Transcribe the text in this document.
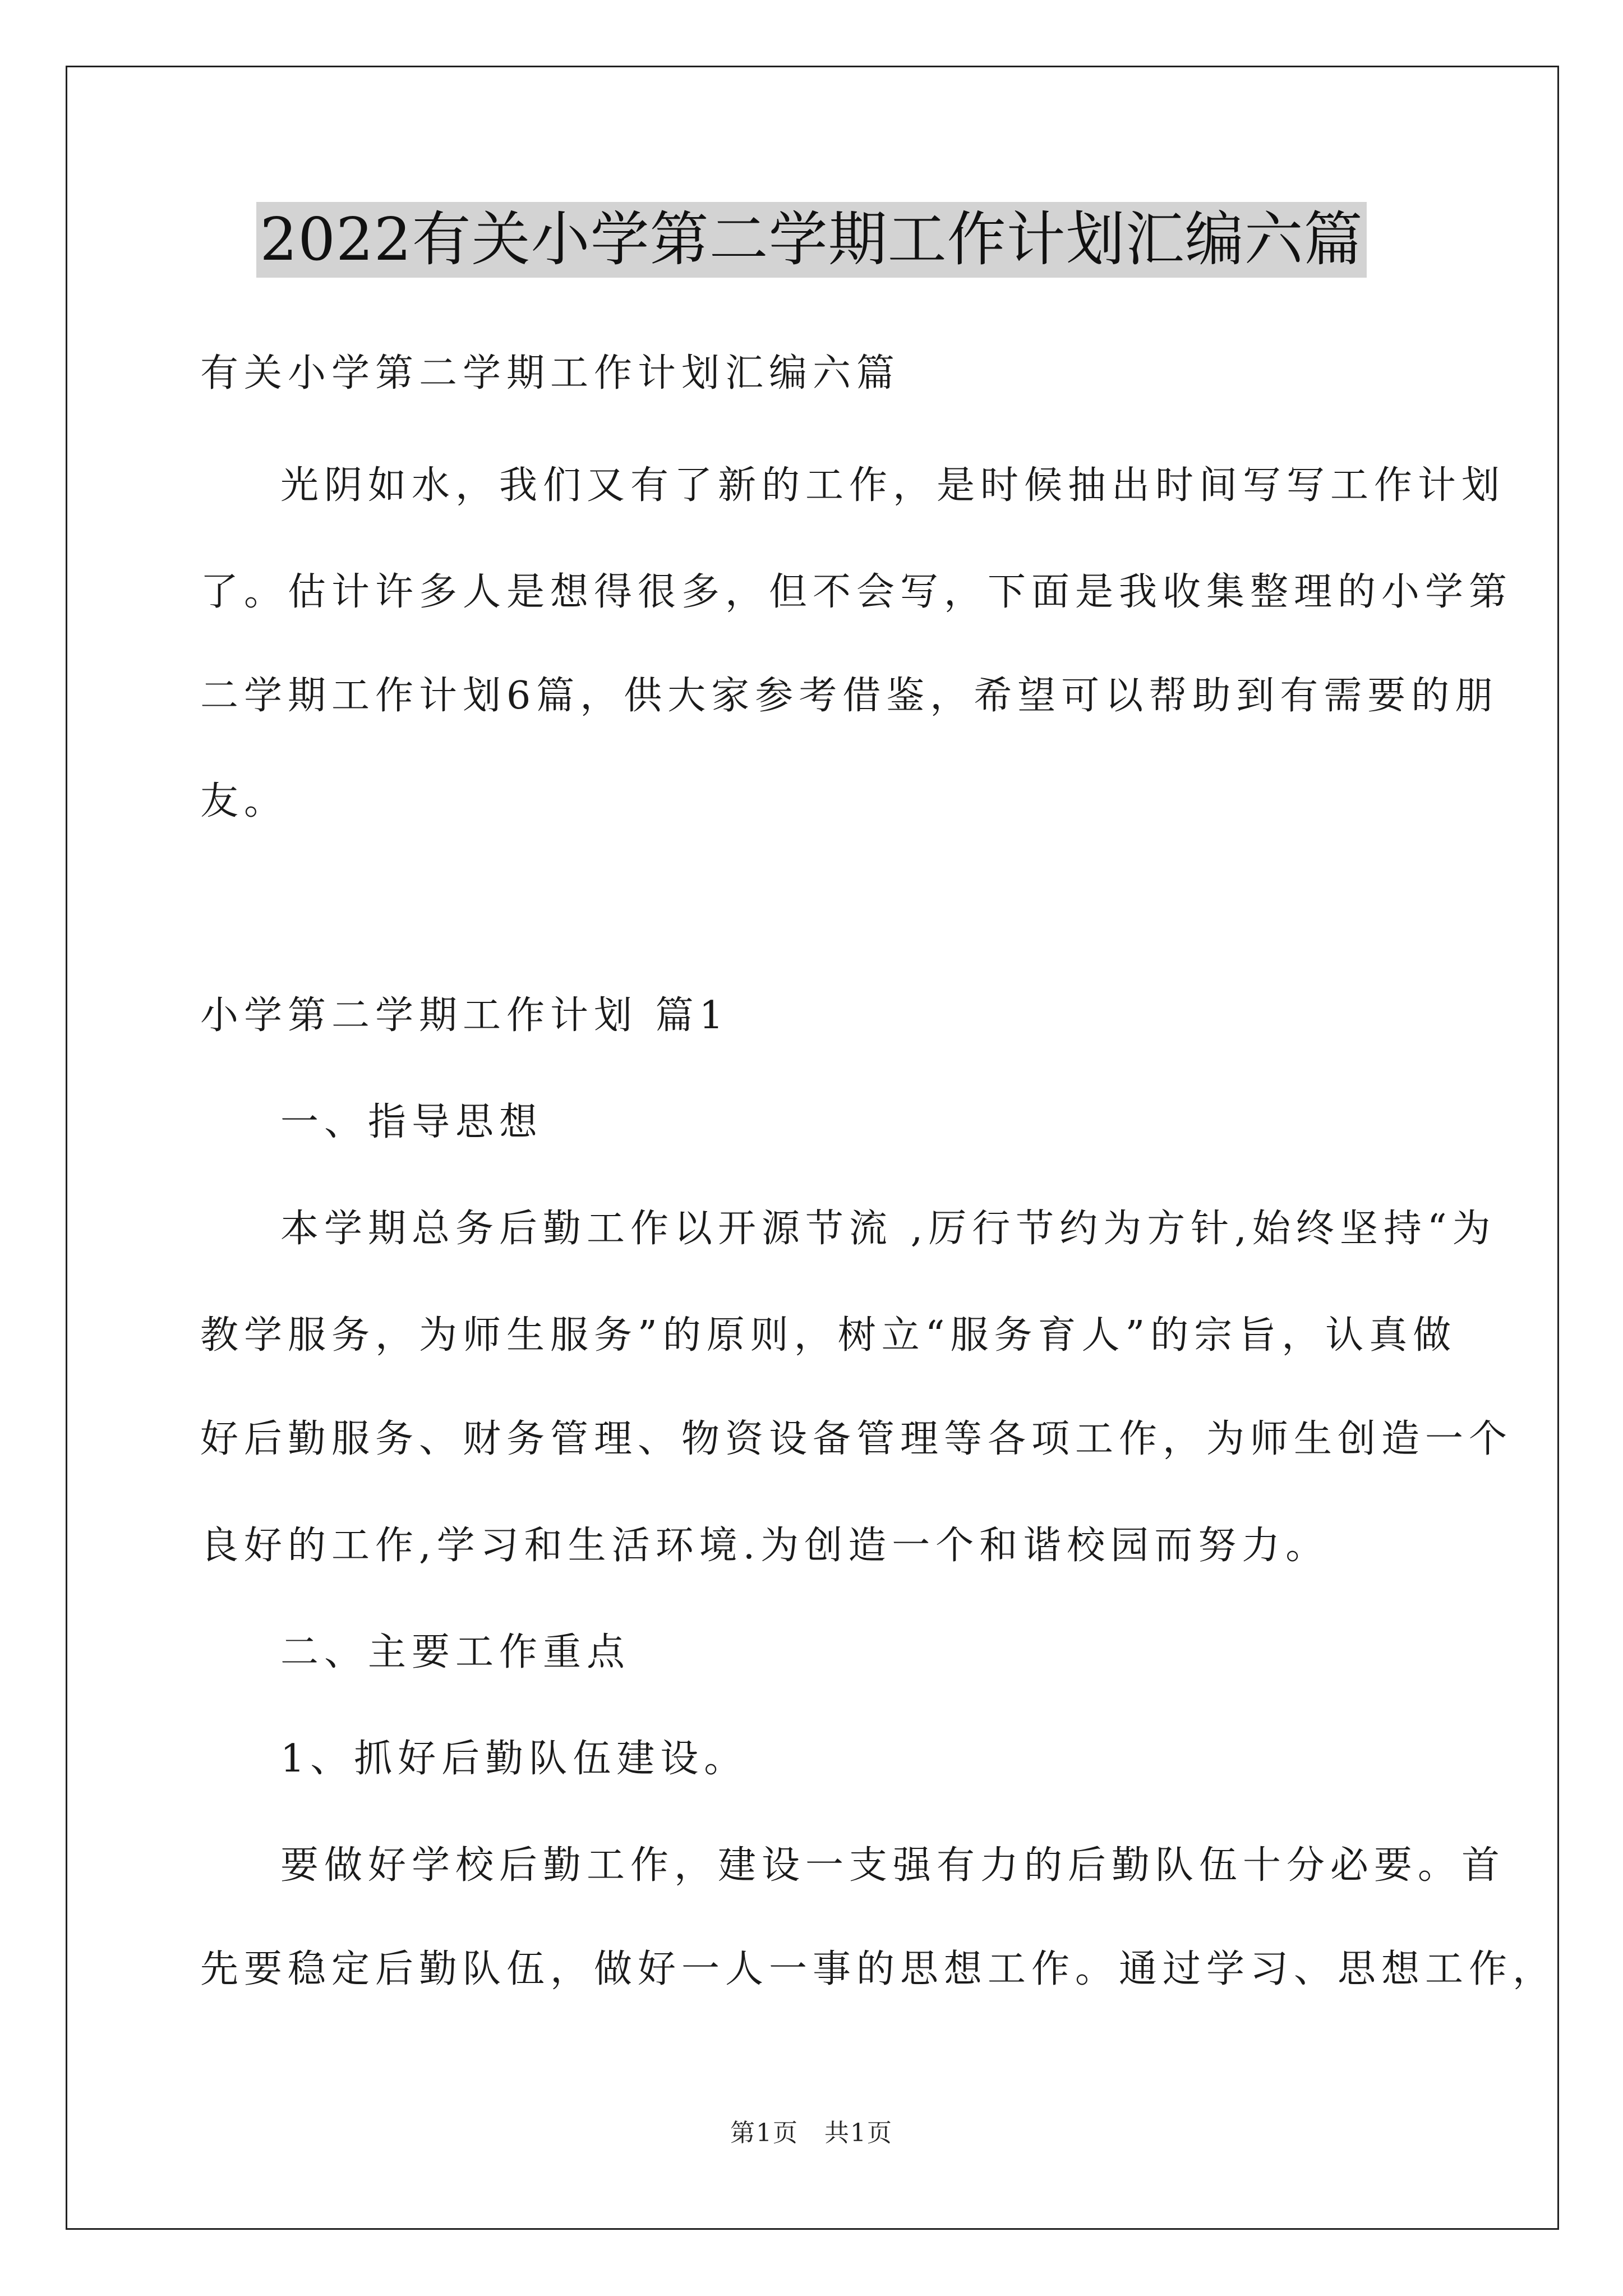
2022有关小学第二学期工作计划汇编六篇
有关小学第二学期工作计划汇编六篇
光阴如水，我们又有了新的工作，是时候抽出时间写写工作计划
了。估计许多人是想得很多，但不会写，下面是我收集整理的小学第
二学期工作计划6篇，供大家参考借鉴，希望可以帮助到有需要的朋
友。
小学第二学期工作计划 篇1
一、指导思想
本学期总务后勤工作以开源节流 ,厉行节约为方针,始终坚持“为
教学服务，为师生服务”的原则，树立“服务育人”的宗旨，认真做
好后勤服务、财务管理、物资设备管理等各项工作，为师生创造一个
良好的工作,学习和生活环境.为创造一个和谐校园而努力。
二、主要工作重点
1、抓好后勤队伍建设。
要做好学校后勤工作，建设一支强有力的后勤队伍十分必要。首
先要稳定后勤队伍，做好一人一事的思想工作。通过学习、思想工作，
第1页　共1页
